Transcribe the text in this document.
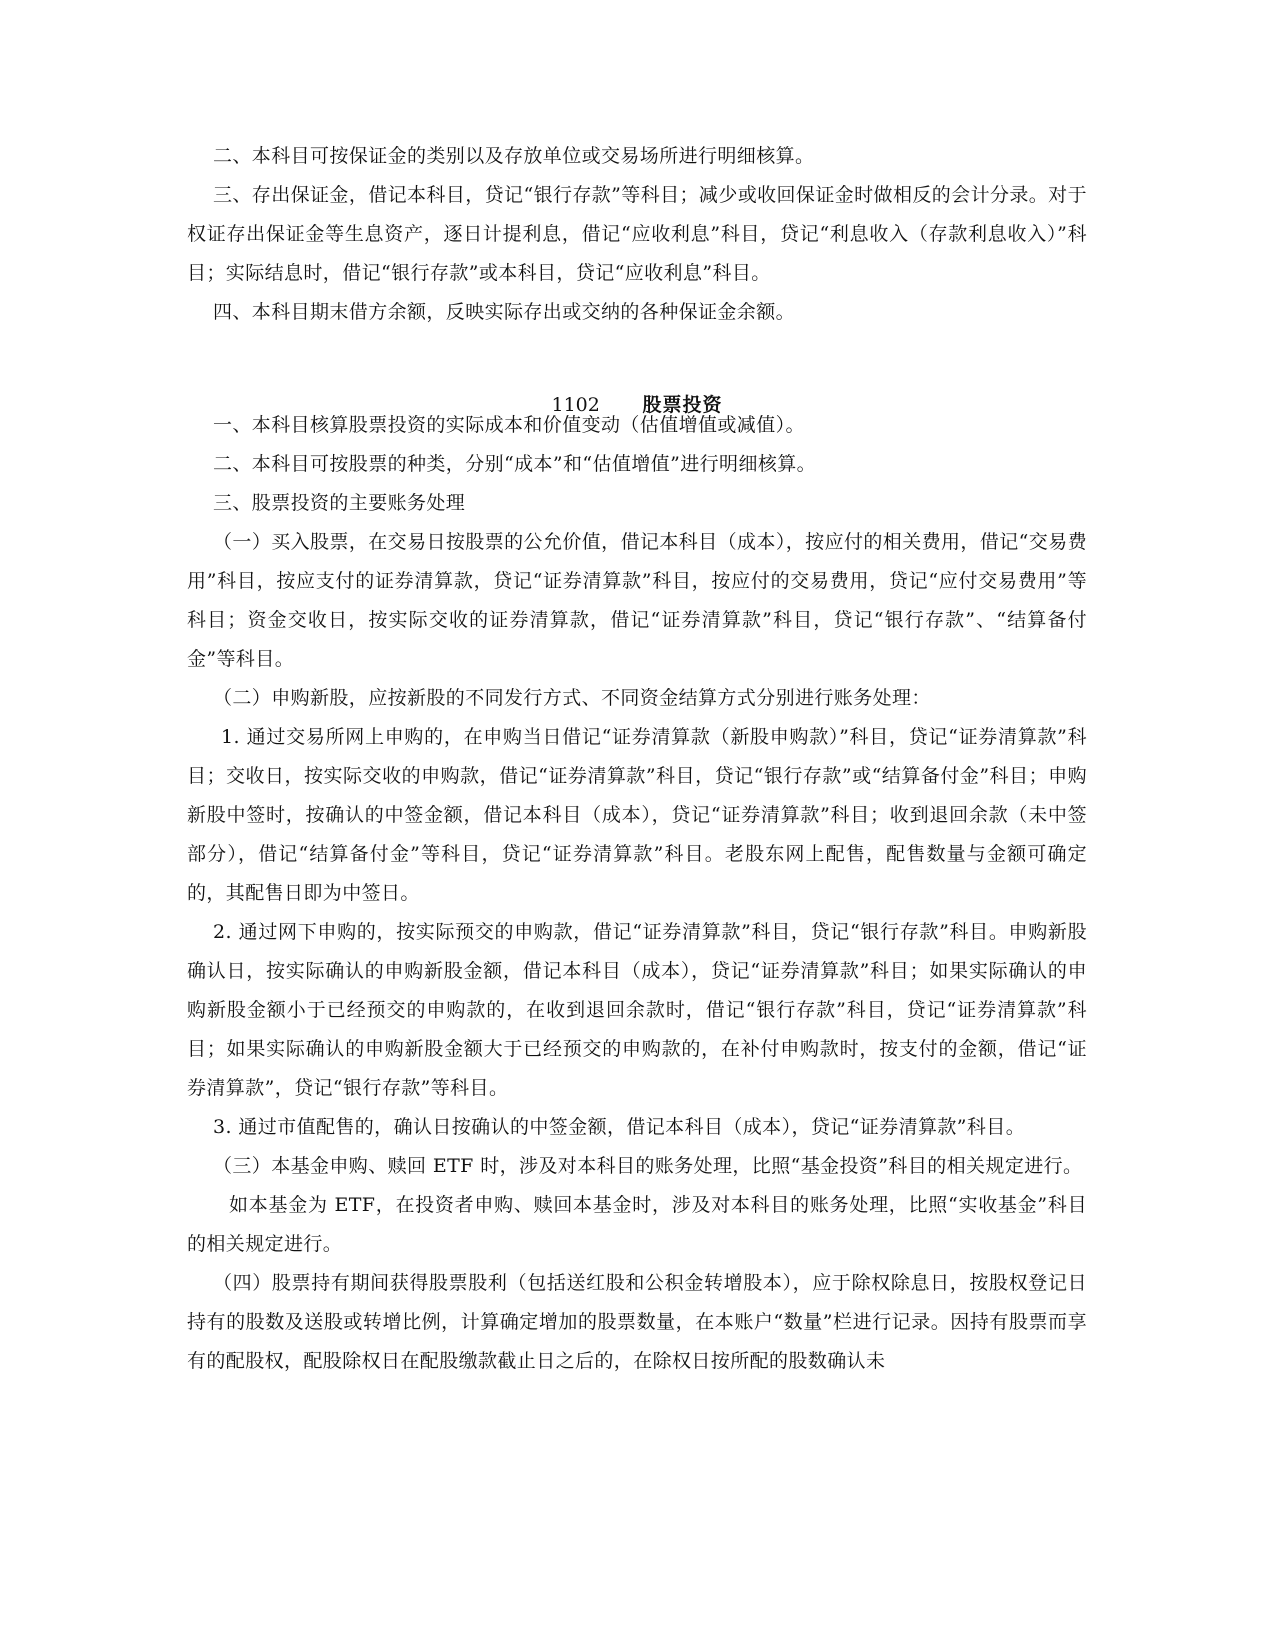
二、本科目可按保证金的类别以及存放单位或交易场所进行明细核算。

三、存出保证金，借记本科目，贷记“银行存款”等科目；减少或收回保证金时做相反的会计分录。对于权证存出保证金等生息资产，逐日计提利息，借记“应收利息”科目，贷记“利息收入（存款利息收入）”科目；实际结息时，借记“银行存款”或本科目，贷记“应收利息”科目。

四、本科目期末借方余额，反映实际存出或交纳的各种保证金余额。

1102 股票投资

一、本科目核算股票投资的实际成本和价值变动（估值增值或减值）。

二、本科目可按股票的种类，分别“成本”和“估值增值”进行明细核算。

三、股票投资的主要账务处理

（一）买入股票，在交易日按股票的公允价值，借记本科目（成本），按应付的相关费用，借记“交易费用”科目，按应支付的证券清算款，贷记“证券清算款”科目，按应付的交易费用，贷记“应付交易费用”等科目；资金交收日，按实际交收的证券清算款，借记“证券清算款”科目，贷记“银行存款”、“结算备付金”等科目。

（二）申购新股，应按新股的不同发行方式、不同资金结算方式分别进行账务处理：

1. 通过交易所网上申购的，在申购当日借记“证券清算款（新股申购款）”科目，贷记“证券清算款”科目；交收日，按实际交收的申购款，借记“证券清算款”科目，贷记“银行存款”或“结算备付金”科目；申购新股中签时，按确认的中签金额，借记本科目（成本），贷记“证券清算款”科目；收到退回余款（未中签部分），借记“结算备付金”等科目，贷记“证券清算款”科目。老股东网上配售，配售数量与金额可确定的，其配售日即为中签日。

2. 通过网下申购的，按实际预交的申购款，借记“证券清算款”科目，贷记“银行存款”科目。申购新股确认日，按实际确认的申购新股金额，借记本科目（成本），贷记“证券清算款”科目；如果实际确认的申购新股金额小于已经预交的申购款的，在收到退回余款时，借记“银行存款”科目，贷记“证券清算款”科目；如果实际确认的申购新股金额大于已经预交的申购款的，在补付申购款时，按支付的金额，借记“证券清算款”，贷记“银行存款”等科目。

3. 通过市值配售的，确认日按确认的中签金额，借记本科目（成本），贷记“证券清算款”科目。

（三）本基金申购、赎回 ETF 时，涉及对本科目的账务处理，比照“基金投资”科目的相关规定进行。

如本基金为 ETF，在投资者申购、赎回本基金时，涉及对本科目的账务处理，比照“实收基金”科目的相关规定进行。

（四）股票持有期间获得股票股利（包括送红股和公积金转增股本），应于除权除息日，按股权登记日持有的股数及送股或转增比例，计算确定增加的股票数量，在本账户“数量”栏进行记录。因持有股票而享有的配股权，配股除权日在配股缴款截止日之后的，在除权日按所配的股数确认未
